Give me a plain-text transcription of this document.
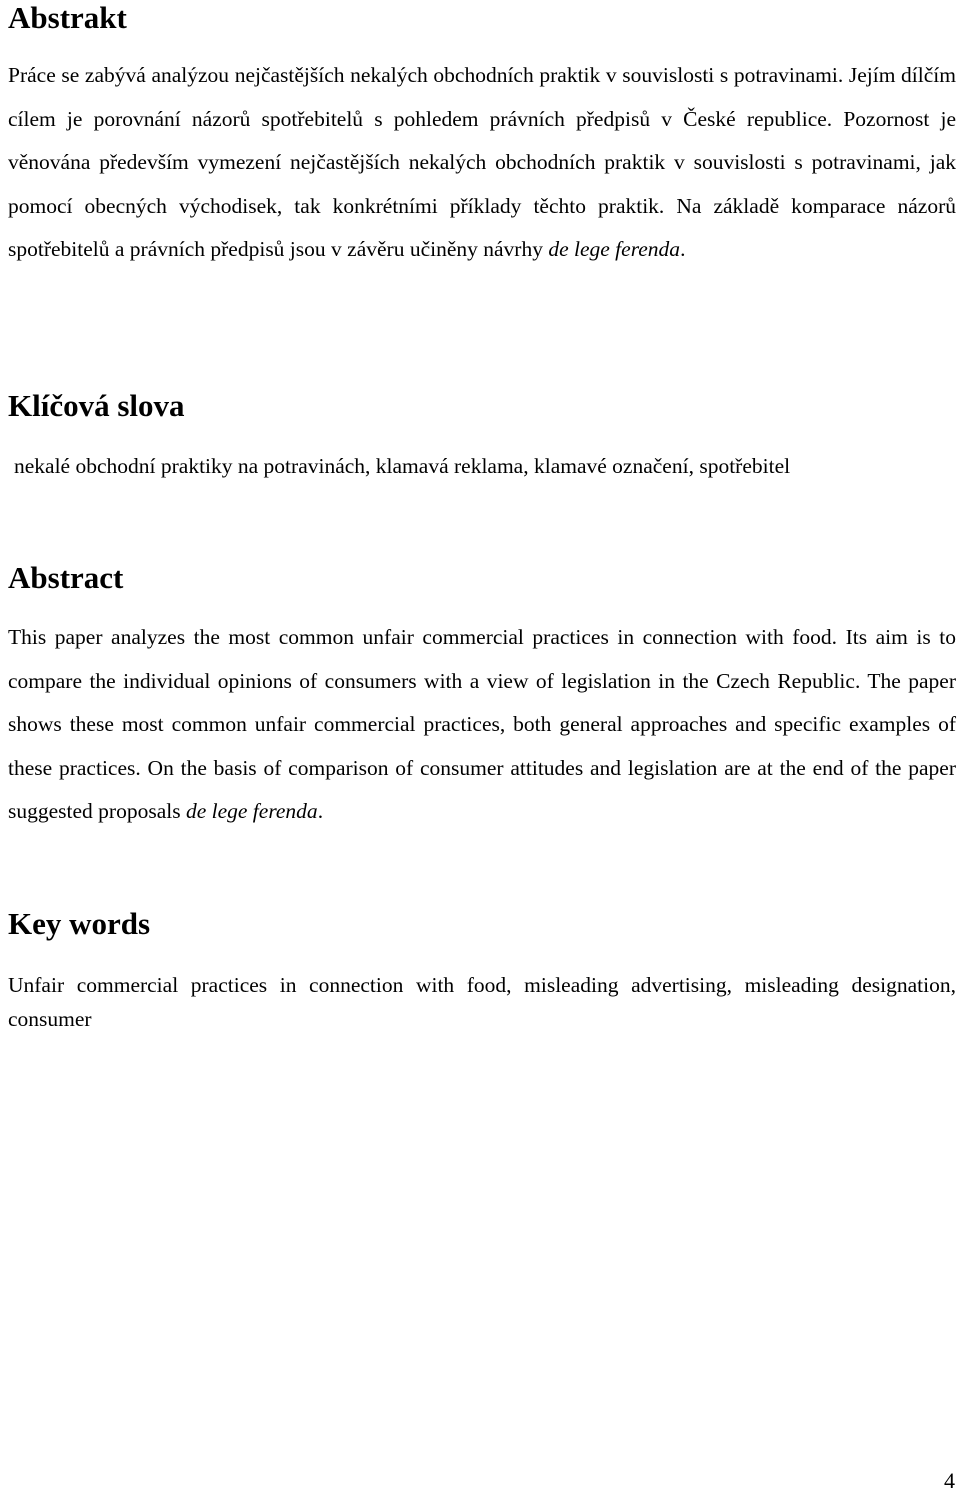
Abstrakt

Práce se zabývá analýzou nejčastějších nekalých obchodních praktik v souvislosti s potravinami. Jejím dílčím cílem je porovnání názorů spotřebitelů s pohledem právních předpisů v České republice. Pozornost je věnována především vymezení nejčastějších nekalých obchodních praktik v souvislosti s potravinami, jak pomocí obecných východisek, tak konkrétními příklady těchto praktik. Na základě komparace názorů spotřebitelů a právních předpisů jsou v závěru učiněny návrhy de lege ferenda.

Klíčová slova

nekalé obchodní praktiky na potravinách, klamavá reklama, klamavé označení, spotřebitel

Abstract

This paper analyzes the most common unfair commercial practices in connection with food. Its aim is to compare the individual opinions of consumers with a view of legislation in the Czech Republic. The paper shows these most common unfair commercial practices, both general approaches and specific examples of these practices. On the basis of comparison of consumer attitudes and legislation are at the end of the paper suggested proposals de lege ferenda.

Key words

Unfair commercial practices in connection with food, misleading advertising, misleading designation, consumer

4
